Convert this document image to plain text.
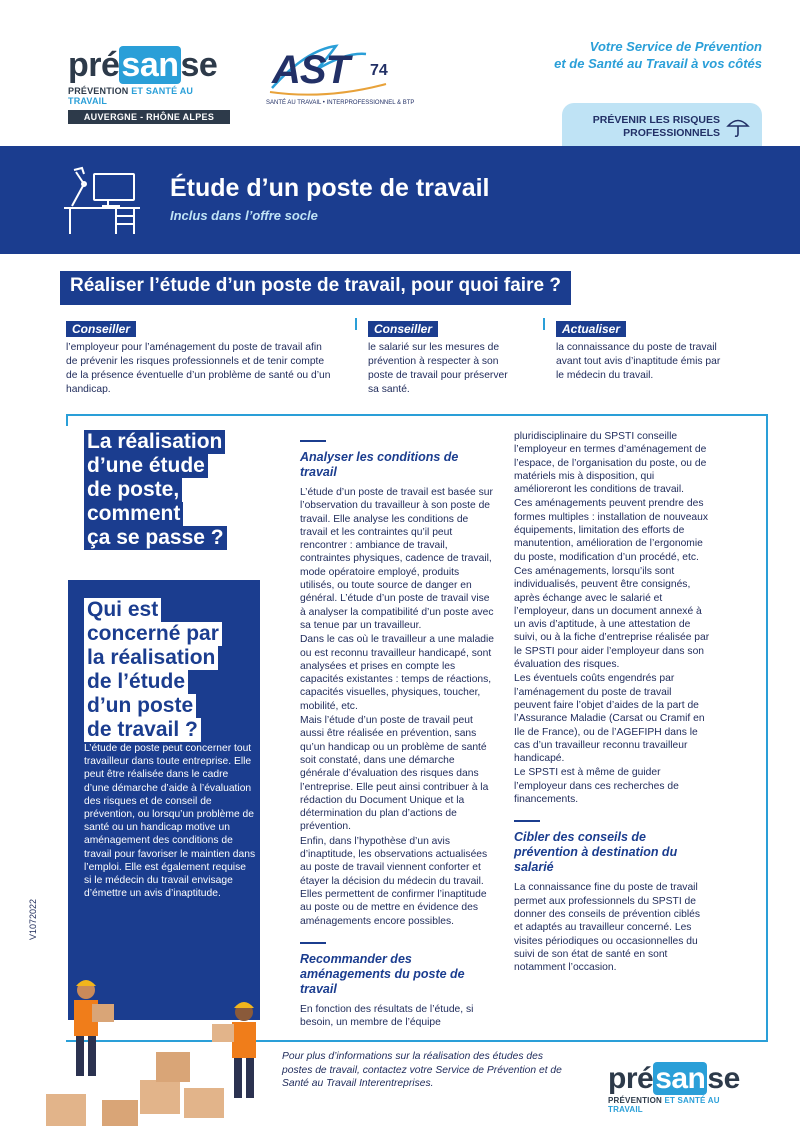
présanse
PRÉVENTION ET SANTÉ AU TRAVAIL
AUVERGNE - RHÔNE ALPES
AST 74
SANTÉ AU TRAVAIL • INTERPROFESSIONNEL & BTP
Votre Service de Prévention
et de Santé au Travail à vos côtés
PRÉVENIR LES RISQUES PROFESSIONNELS
Étude d’un poste de travail
Inclus dans l’offre socle
Réaliser l’étude d’un poste de travail, pour quoi faire ?
Conseiller
l’employeur pour l’aménagement du poste de travail afin de prévenir les risques professionnels et de tenir compte de la présence éventuelle d’un problème de santé ou d’un handicap.
Conseiller
le salarié sur les mesures de prévention à respecter à son poste de travail pour préserver sa santé.
Actualiser
la connaissance du poste de travail avant tout avis d’inaptitude émis par le médecin du travail.
La réalisation
d’une étude
de poste,
comment
ça se passe ?
Qui est
concerné par
la réalisation
de l’étude
d’un poste
de travail ?
L’étude de poste peut concerner tout travailleur dans toute entreprise. Elle peut être réalisée dans le cadre d’une démarche d’aide à l’évaluation des risques et de conseil de prévention, ou lorsqu’un problème de santé ou un handicap motive un aménagement des conditions de travail pour favoriser le maintien dans l’emploi. Elle est également requise si le médecin du travail envisage d’émettre un avis d’inaptitude.
Analyser les conditions de travail

L’étude d’un poste de travail est basée sur l’observation du travailleur à son poste de travail. Elle analyse les conditions de travail et les contraintes qu’il peut rencontrer : ambiance de travail, contraintes physiques, cadence de travail, mode opératoire employé, produits utilisés, ou toute source de danger en général. L’étude d’un poste de travail vise à analyser la compatibilité d’un poste avec sa tenue par un travailleur.

Dans le cas où le travailleur a une maladie ou est reconnu travailleur handicapé, sont analysées et prises en compte les capacités existantes : temps de réactions, capacités visuelles, physiques, toucher, mobilité, etc.

Mais l’étude d’un poste de travail peut aussi être réalisée en prévention, sans qu’un handicap ou un problème de santé soit constaté, dans une démarche générale d’évaluation des risques dans l’entreprise. Elle peut ainsi contribuer à la rédaction du Document Unique et la détermination du plan d’actions de prévention.

Enfin, dans l’hypothèse d’un avis d’inaptitude, les observations actualisées au poste de travail viennent conforter et étayer la décision du médecin du travail. Elles permettent de confirmer l’inaptitude au poste ou de mettre en évidence des aménagements encore possibles.

Recommander des aménagements du poste de travail

En fonction des résultats de l’étude, si besoin, un membre de l’équipe

pluridisciplinaire du SPSTI conseille l’employeur en termes d’aménagement de l’espace, de l’organisation du poste, ou de matériels mis à disposition, qui amélioreront les conditions de travail.

Ces aménagements peuvent prendre des formes multiples : installation de nouveaux équipements, limitation des efforts de manutention, amélioration de l’ergonomie du poste, modification d’un procédé, etc.

Ces aménagements, lorsqu’ils sont individualisés, peuvent être consignés, après échange avec le salarié et l’employeur, dans un document annexé à un avis d’aptitude, à une attestation de suivi, ou à la fiche d’entreprise réalisée par le SPSTI pour aider l’employeur dans son évaluation des risques.

Les éventuels coûts engendrés par l’aménagement du poste de travail peuvent faire l’objet d’aides de la part de l’Assurance Maladie (Carsat ou Cramif en Ile de France), ou de l’AGEFIPH dans le cas d’un travailleur reconnu travailleur handicapé.

Le SPSTI est à même de guider l’employeur dans ces recherches de financements.

Cibler des conseils de prévention à destination du salarié

La connaissance fine du poste de travail permet aux professionnels du SPSTI de donner des conseils de prévention ciblés et adaptés au travailleur concerné. Les visites périodiques ou occasionnelles du suivi de son état de santé en sont notamment l’occasion.

V1072022
Pour plus d’informations sur la réalisation des études des postes de travail, contactez votre Service de Prévention et de Santé au Travail Interentreprises.	présanse
PRÉVENTION ET SANTÉ AU TRAVAIL
